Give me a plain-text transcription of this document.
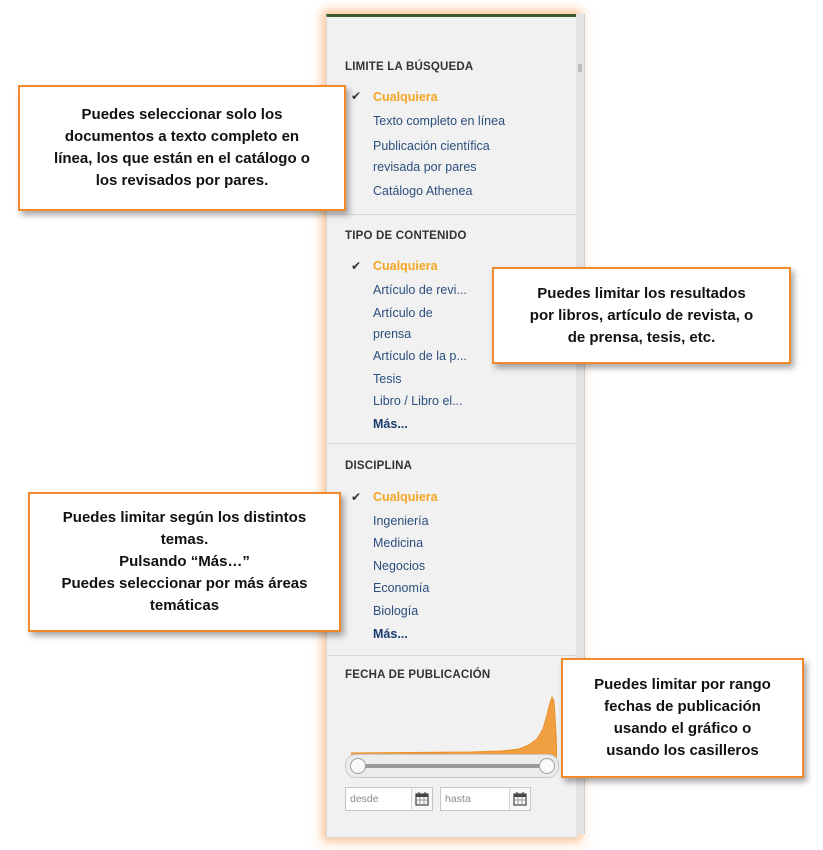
LIMITE LA BÚSQUEDA
✔ Cualquiera
Texto completo en línea
Publicación científica
revisada por pares
Catálogo Athenea
TIPO DE CONTENIDO
✔ Cualquiera
Artículo de revi...
Artículo de
prensa
Artículo de la p...
Tesis
Libro / Libro el...
Más...
DISCIPLINA
✔ Cualquiera
Ingeniería
Medicina
Negocios
Economía
Biología
Más...
FECHA DE PUBLICACIÓN
desde	hasta
Puedes seleccionar solo los
documentos a texto completo en
línea, los que están en el catálogo o
los revisados por pares.
Puedes limitar los resultados
por libros, artículo de revista, o
de prensa, tesis, etc.
Puedes limitar según los distintos
temas.
Pulsando “Más…”
Puedes seleccionar por más áreas
temáticas
Puedes limitar por rango
fechas de publicación
usando el gráfico o
usando los casilleros
